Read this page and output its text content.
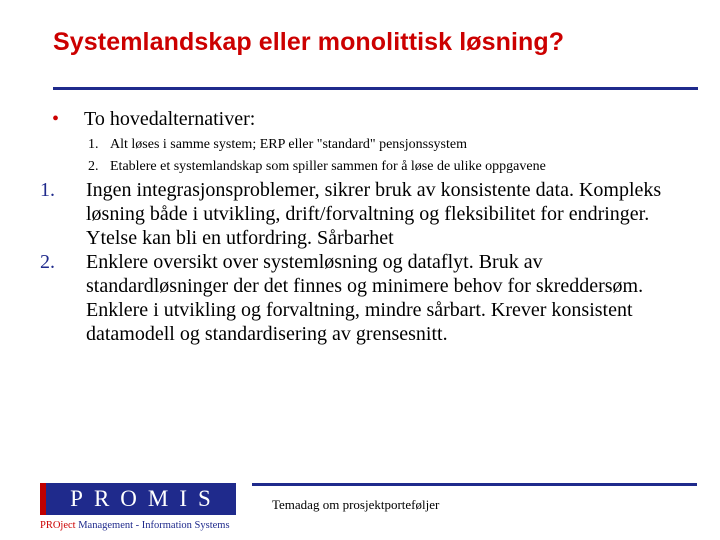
Systemlandskap eller monolittisk løsning?
• To hovedalternativer:
1. Alt løses i samme system; ERP eller "standard" pensjonssystem
2. Etablere et systemlandskap som spiller sammen for å løse de ulike oppgavene
1. Ingen integrasjonsproblemer, sikrer bruk av konsistente data. Kompleks løsning både i utvikling, drift/forvaltning og fleksibilitet for endringer. Ytelse kan bli en utfordring. Sårbarhet
2. Enklere oversikt over systemløsning og dataflyt. Bruk av standardløsninger der det finnes og minimere behov for skreddersøm. Enklere i utvikling og forvaltning, mindre sårbart. Krever konsistent datamodell og standardisering av grensesnitt.
PROMIS
PROject Management - Information Systems
Temadag om prosjektporteføljer
